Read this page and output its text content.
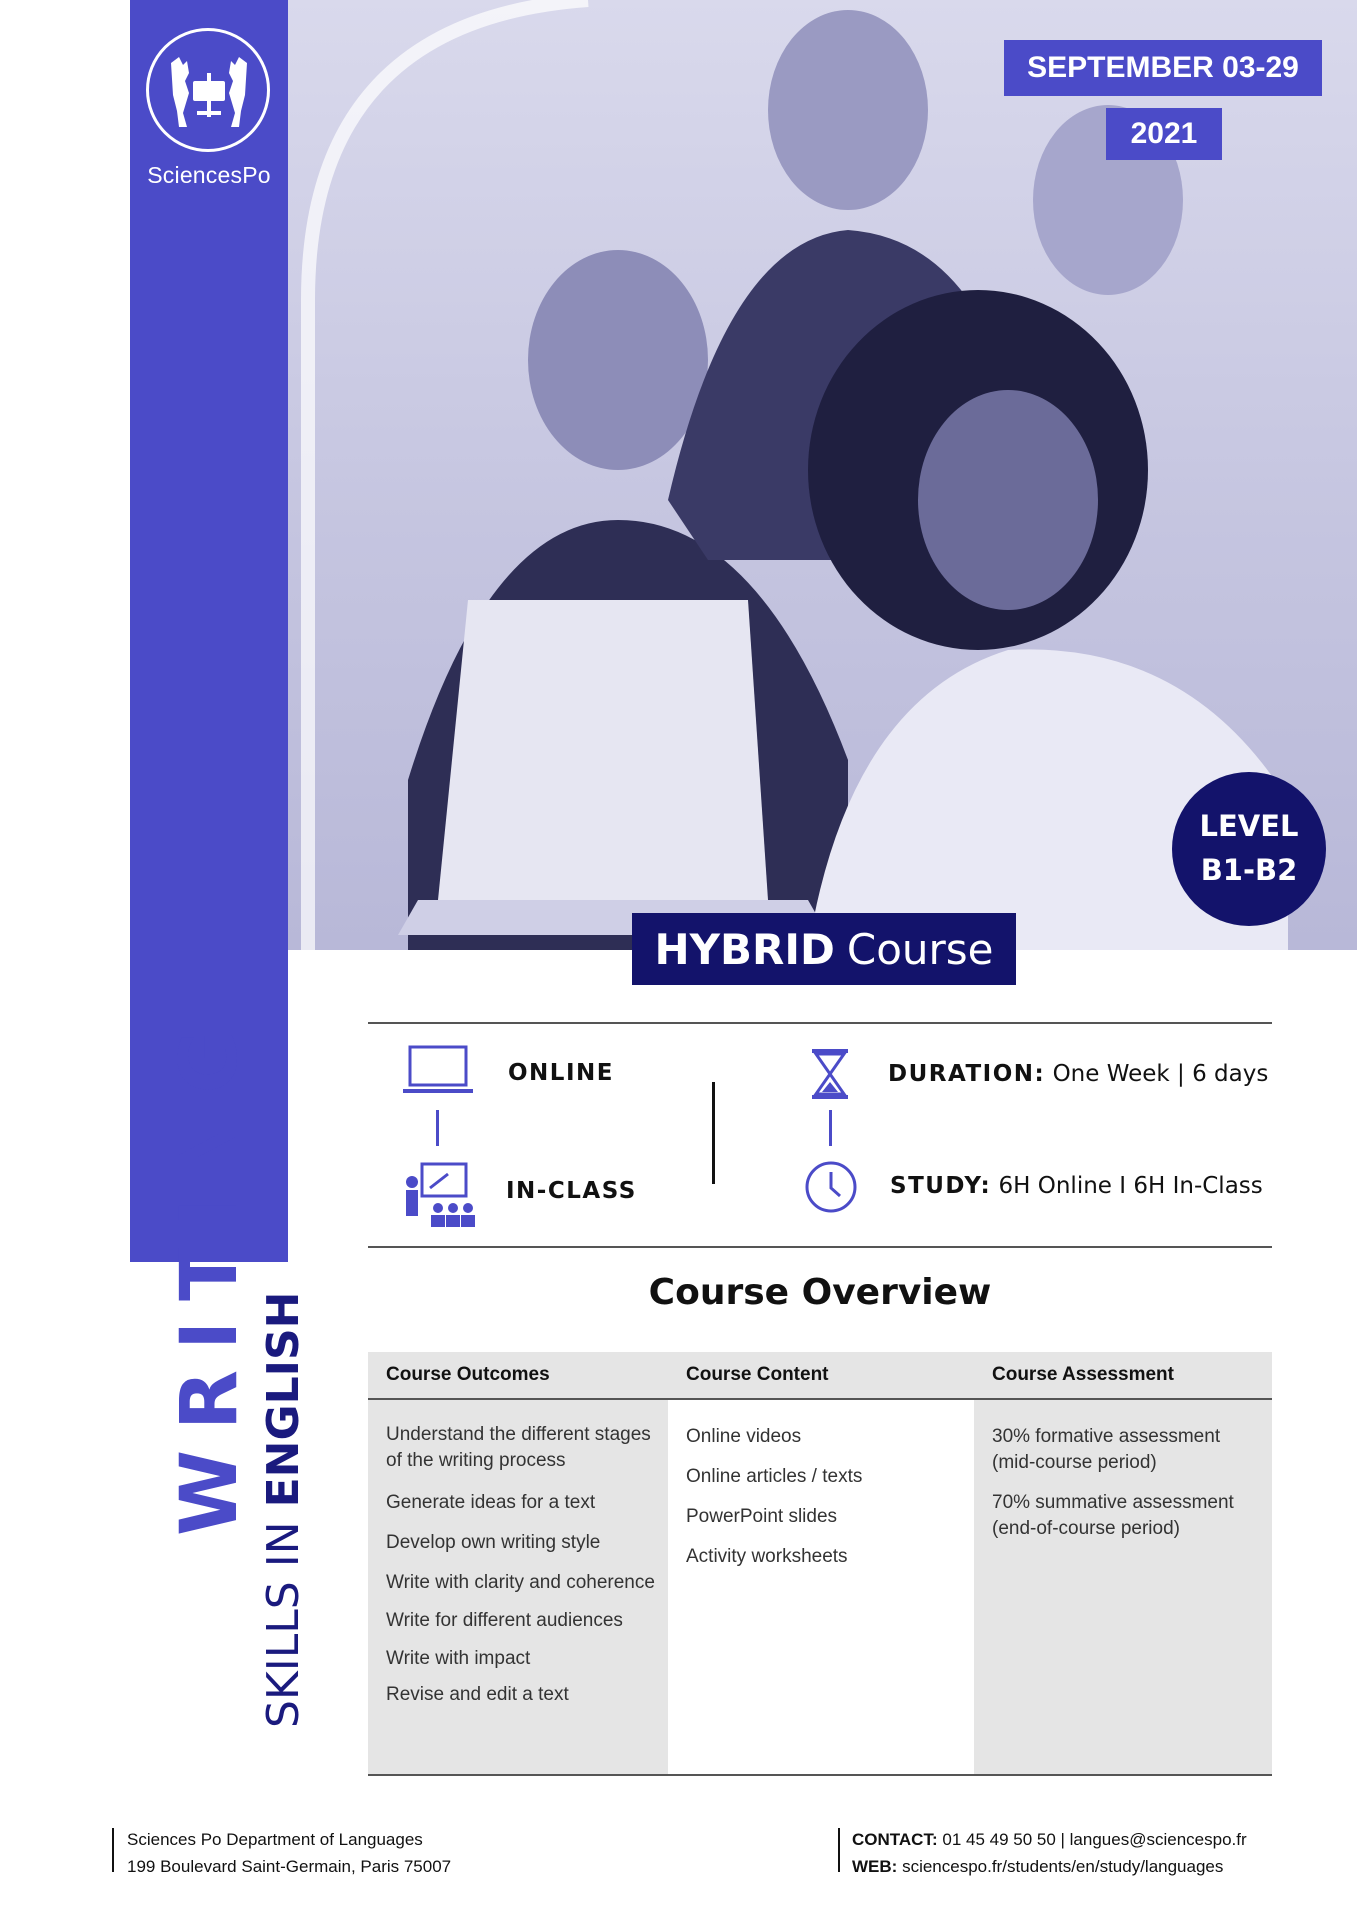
SciencesPo
WRITING
SKILLS IN ENGLISH
SEPTEMBER 03-29
2021
LEVEL
B1-B2
HYBRID Course
ONLINE
IN-CLASS
DURATION: One Week | 6 days
STUDY: 6H Online I 6H In-Class
Course Overview
Course Outcomes
Understand the different stages of the writing process
Generate ideas for a text
Develop own writing style
Write with clarity and coherence
Write for different audiences
Write with impact
Revise and edit a text
Course Content
Online videos
Online articles / texts
PowerPoint slides
Activity worksheets
Course Assessment
30% formative assessment (mid-course period)
70% summative assessment (end-of-course period)
Sciences Po Department of Languages
199 Boulevard Saint-Germain, Paris 75007
CONTACT: 01 45 49 50 50 | langues@sciencespo.fr
WEB: sciencespo.fr/students/en/study/languages
